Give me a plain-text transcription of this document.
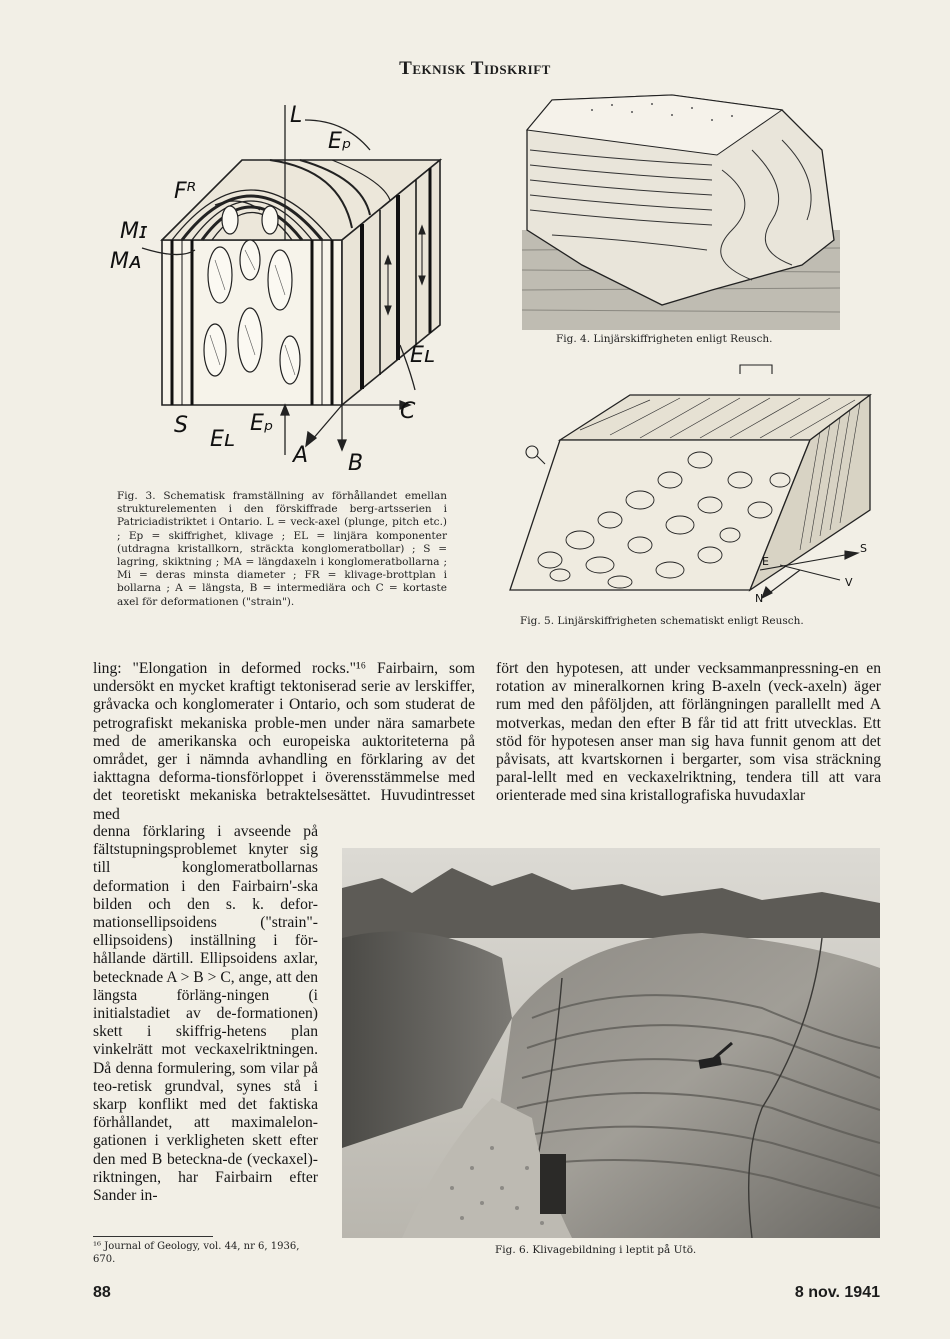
Teknisk Tidskrift
L
Eₚ
Fᴿ
Mɪ
Mᴀ
Eʟ
C
S
Eʟ
Eₚ
A B
Fig. 3. Schematisk framställning av förhållandet emellan strukturelementen i den förskiffrade berg-artsserien i Patriciadistriktet i Ontario. L = veck-axel (plunge, pitch etc.) ; Ep = skiffrighet, klivage ; EL = linjära komponenter (utdragna kristallkorn, sträckta konglomeratbollar) ; S = lagring, skiktning ; MA = längdaxeln i konglomeratbollarna ; Mi = deras minsta diameter ; FR = klivage-brottplan i bollarna ; A = längsta, B = intermediära och C = kortaste axel för deformationen ("strain").
Fig. 4. Linjärskiffrigheten enligt Reusch.
E
S
V
N
Fig. 5. Linjärskiffrigheten schematiskt enligt Reusch.

ling: "Elongation in deformed rocks."¹⁶ Fairbairn, som undersökt en mycket kraftigt tektoniserad serie av lerskiffer, gråvacka och konglomerater i Ontario, och som studerat de petrografiskt mekaniska proble-men under nära samarbete med de amerikanska och europeiska auktoriteterna på området, ger i nämnda avhandling en förklaring av det iakttagna deforma-tionsförloppet i överensstämmelse med det teoretiskt mekaniska betraktelsesättet. Huvudintresset med

denna förklaring i avseende på fältstupningsproblemet knyter sig till konglomeratbollarnas deformation i den Fairbairn'-ska bilden och den s. k. defor-mationsellipsoidens ("strain"-ellipsoidens) inställning i för-hållande därtill. Ellipsoidens axlar, betecknade A > B > C, ange, att den längsta förläng-ningen (i initialstadiet av de-formationen) skett i skiffrig-hetens plan vinkelrätt mot veckaxelriktningen. Då denna formulering, som vilar på teo-retisk grundval, synes stå i skarp konflikt med det faktiska förhållandet, att maximalelon-gationen i verkligheten skett efter den med B beteckna-de (veckaxel)-riktningen, har Fairbairn efter Sander in-

fört den hypotesen, att under vecksammanpressning-en en rotation av mineralkornen kring B-axeln (veck-axeln) äger rum med den påföljden, att förlängningen parallellt med A motverkas, medan den efter B får tid att fritt utvecklas. Ett stöd för hypotesen anser man sig hava funnit genom att det påvisats, att kvartskornen i bergarter, som visa sträckning paral-lellt med en veckaxelriktning, tendera till att vara orienterade med sina kristallografiska huvudaxlar

Fig. 6. Klivagebildning i leptit på Utö.
¹⁶ Journal of Geology, vol. 44, nr 6, 1936, 670.
88	8 nov. 1941
